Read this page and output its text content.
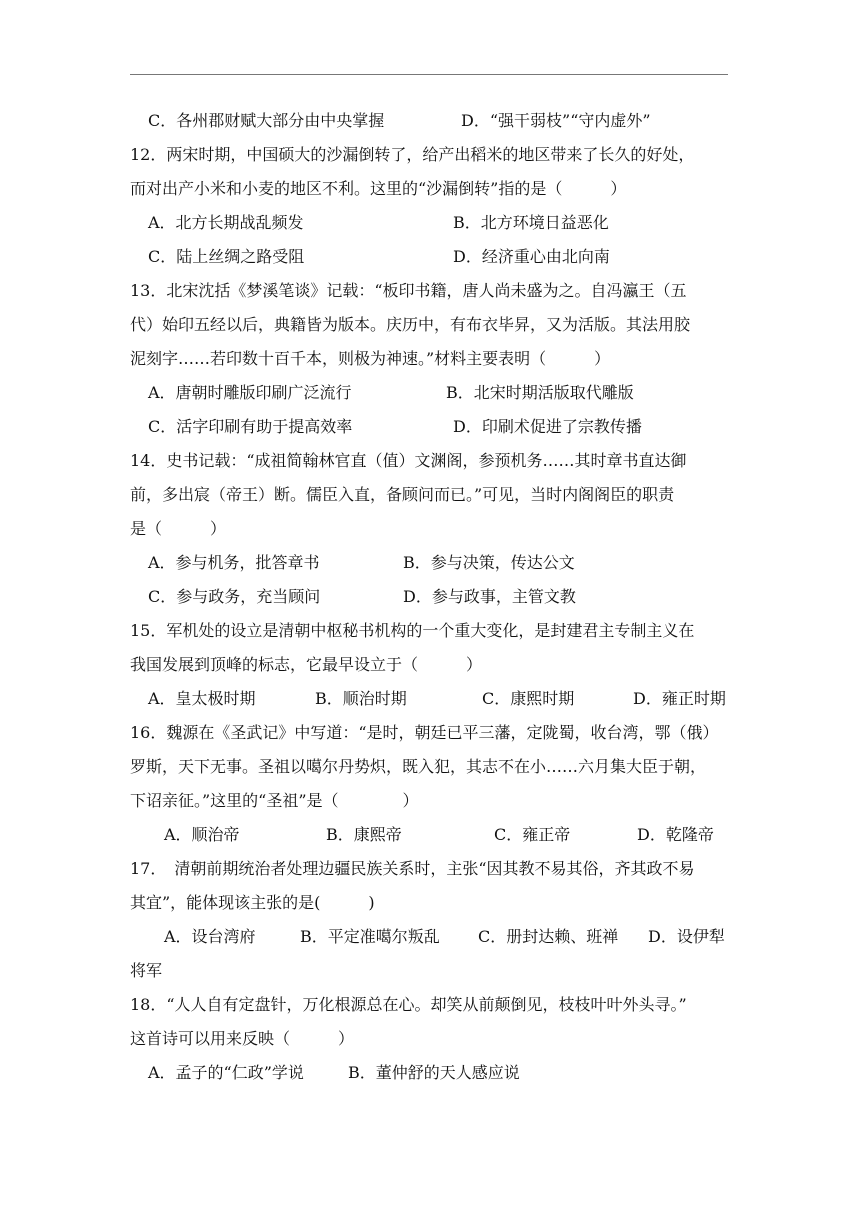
C．各州郡财赋大部分由中央掌握	D．“强干弱枝”“守内虚外”
12．两宋时期，中国硕大的沙漏倒转了，给产出稻米的地区带来了长久的好处，
而对出产小米和小麦的地区不利。这里的“沙漏倒转”指的是（　　　）
A．北方长期战乱频发	B．北方环境日益恶化
C．陆上丝绸之路受阻	D．经济重心由北向南
13．北宋沈括《梦溪笔谈》记载：“板印书籍，唐人尚未盛为之。自冯瀛王（五
代）始印五经以后，典籍皆为版本。庆历中，有布衣毕昇，又为活版。其法用胶
泥刻字……若印数十百千本，则极为神速。”材料主要表明（　　　）
A．唐朝时雕版印刷广泛流行	B．北宋时期活版取代雕版
C．活字印刷有助于提高效率	D．印刷术促进了宗教传播
14．史书记载：“成祖简翰林官直（值）文渊阁，参预机务……其时章书直达御
前，多出宸（帝王）断。儒臣入直，备顾问而已。”可见，当时内阁阁臣的职责
是（　　　）
A．参与机务，批答章书	B．参与决策，传达公文
C．参与政务，充当顾问	D．参与政事，主管文教
15．军机处的设立是清朝中枢秘书机构的一个重大变化，是封建君主专制主义在
我国发展到顶峰的标志，它最早设立于（　　　）
A．皇太极时期	B．顺治时期	C．康熙时期	D．雍正时期
16．魏源在《圣武记》中写道：“是时，朝廷已平三藩，定陇蜀，收台湾，鄂（俄）
罗斯，天下无事。圣祖以噶尔丹势炽，既入犯，其志不在小……六月集大臣于朝，
下诏亲征。”这里的“圣祖”是（　　　　）
A．顺治帝	B．康熙帝	C．雍正帝	D．乾隆帝
17．　清朝前期统治者处理边疆民族关系时，主张“因其教不易其俗，齐其政不易
其宜”，能体现该主张的是(　　　)
A．设台湾府	B．平定准噶尔叛乱 C．册封达赖、班禅 D．设伊犁
将军
18．“人人自有定盘针，万化根源总在心。却笑从前颠倒见，枝枝叶叶外头寻。”
这首诗可以用来反映（　　　）
A．孟子的“仁政”学说	B．董仲舒的天人感应说
